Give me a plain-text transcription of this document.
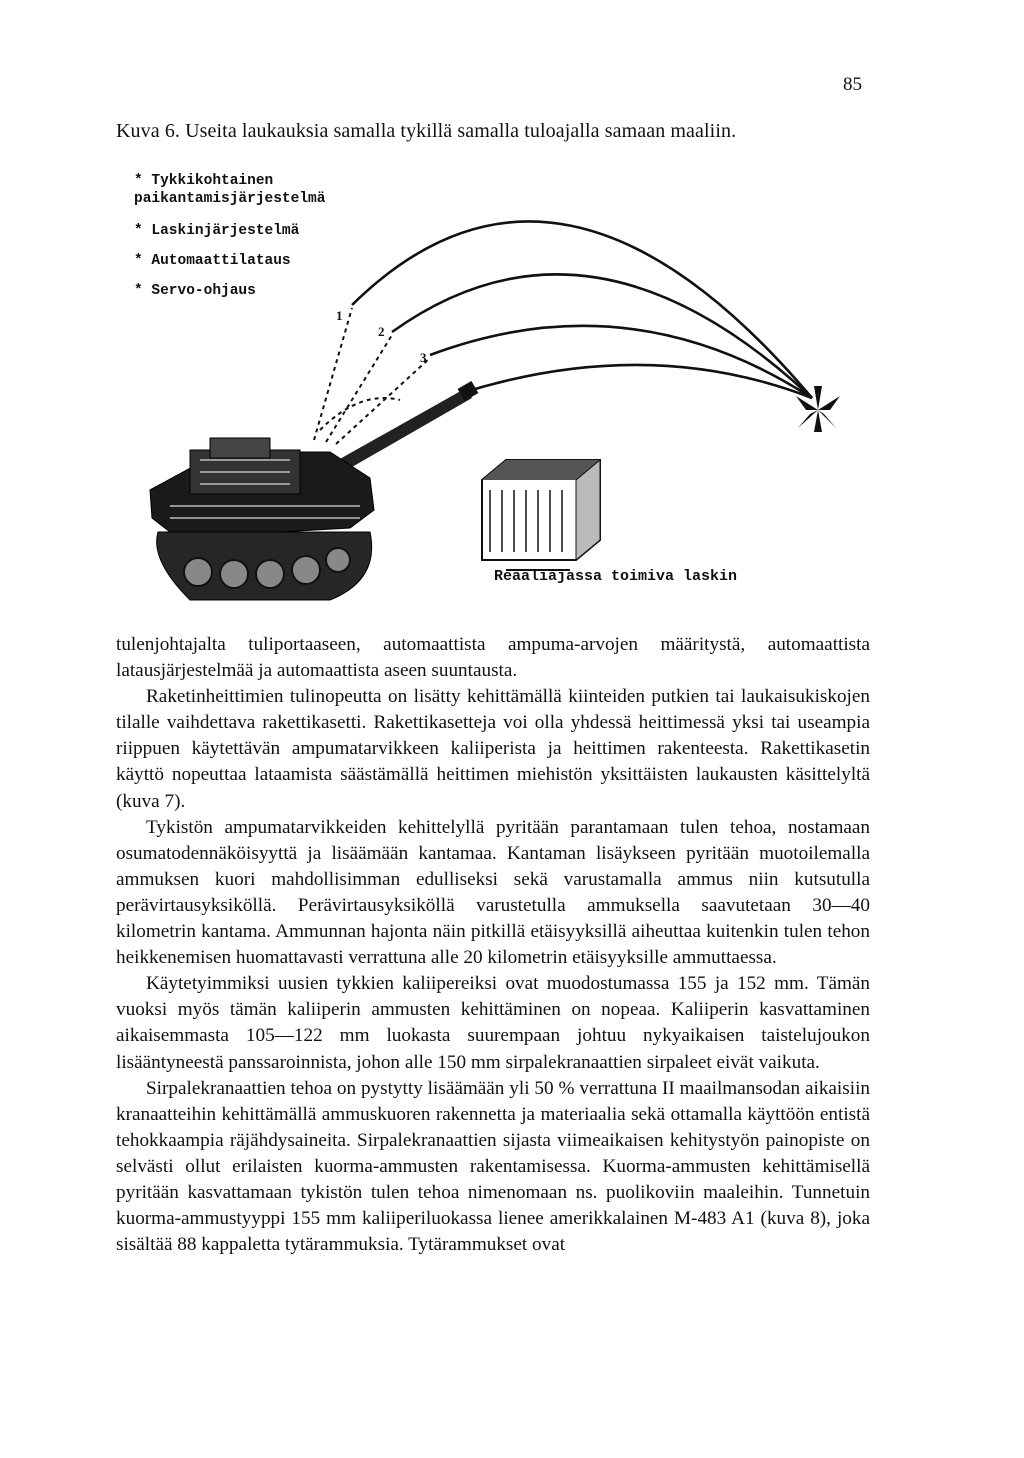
85
Kuva 6. Useita laukauksia samalla tykillä samalla tuloajalla samaan maaliin.
1
2
3
* Tykkikohtainen paikantamisjärjestelmä
* Laskinjärjestelmä
* Automaattilataus
* Servo-ohjaus
Reaaliajassa toimiva laskin

tulenjohtajalta tuliportaaseen, automaattista ampuma-arvojen määritystä, automaattista latausjärjestelmää ja automaattista aseen suuntausta.

Raketinheittimien tulinopeutta on lisätty kehittämällä kiinteiden putkien tai laukaisukiskojen tilalle vaihdettava rakettikasetti. Rakettikasetteja voi olla yhdessä heittimessä yksi tai useampia riippuen käytettävän ampumatarvikkeen kaliiperista ja heittimen rakenteesta. Rakettikasetin käyttö nopeuttaa lataamista säästämällä heittimen miehistön yksittäisten laukausten käsittelyltä (kuva 7).

Tykistön ampumatarvikkeiden kehittelyllä pyritään parantamaan tulen tehoa, nostamaan osumatodennäköisyyttä ja lisäämään kantamaa. Kantaman lisäykseen pyritään muotoilemalla ammuksen kuori mahdollisimman edulliseksi sekä varustamalla ammus niin kutsutulla perävirtausyksiköllä. Perävirtausyksiköllä varustetulla ammuksella saavutetaan 30—40 kilometrin kantama. Ammunnan hajonta näin pitkillä etäisyyksillä aiheuttaa kuitenkin tulen tehon heikkenemisen huomattavasti verrattuna alle 20 kilometrin etäisyyksille ammuttaessa.

Käytetyimmiksi uusien tykkien kaliipereiksi ovat muodostumassa 155 ja 152 mm. Tämän vuoksi myös tämän kaliiperin ammusten kehittäminen on nopeaa. Kaliiperin kasvattaminen aikaisemmasta 105—122 mm luokasta suurempaan johtuu nykyaikaisen taistelujoukon lisääntyneestä panssaroinnista, johon alle 150 mm sirpalekranaattien sirpaleet eivät vaikuta.

Sirpalekranaattien tehoa on pystytty lisäämään yli 50 % verrattuna II maailmansodan aikaisiin kranaatteihin kehittämällä ammuskuoren rakennetta ja materiaalia sekä ottamalla käyttöön entistä tehokkaampia räjähdysaineita. Sirpalekranaattien sijasta viimeaikaisen kehitystyön painopiste on selvästi ollut erilaisten kuorma-ammusten rakentamisessa. Kuorma-ammusten kehittämisellä pyritään kasvattamaan tykistön tulen tehoa nimenomaan ns. puolikoviin maaleihin. Tunnetuin kuorma-ammustyyppi 155 mm kaliiperiluokassa lienee amerikkalainen M-483 A1 (kuva 8), joka sisältää 88 kappaletta tytärammuksia. Tytärammukset ovat
